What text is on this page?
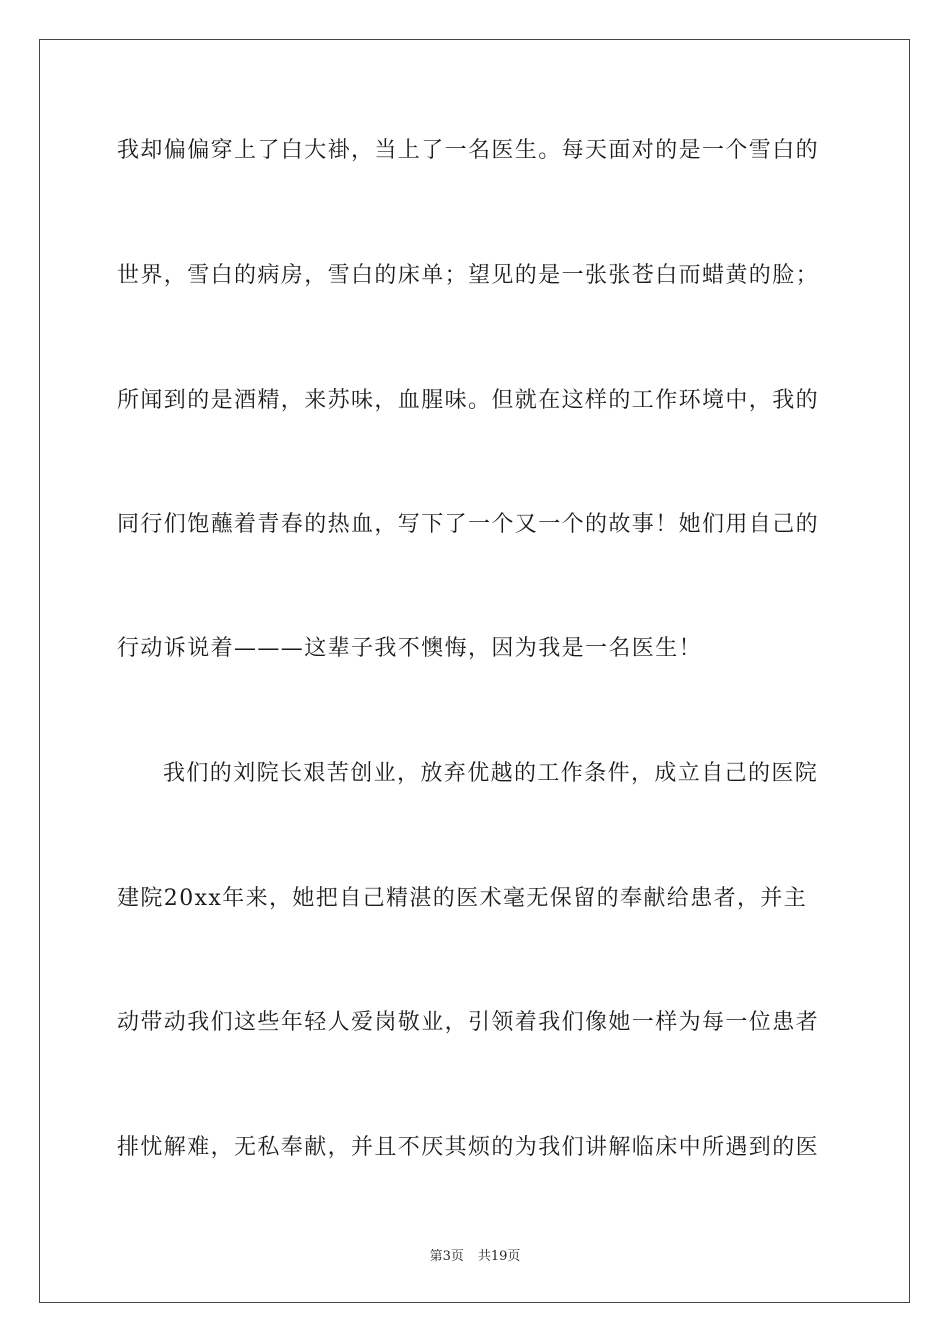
我却偏偏穿上了白大褂，当上了一名医生。每天面对的是一个雪白的
世界，雪白的病房，雪白的床单；望见的是一张张苍白而蜡黄的脸；
所闻到的是酒精，来苏味，血腥味。但就在这样的工作环境中，我的
同行们饱蘸着青春的热血，写下了一个又一个的故事！她们用自己的
行动诉说着———这辈子我不懊悔，因为我是一名医生！
我们的刘院长艰苦创业，放弃优越的工作条件，成立自己的医院
建院20xx年来，她把自己精湛的医术毫无保留的奉献给患者，并主
动带动我们这些年轻人爱岗敬业，引领着我们像她一样为每一位患者
排忧解难，无私奉献，并且不厌其烦的为我们讲解临床中所遇到的医
第3页 共19页
